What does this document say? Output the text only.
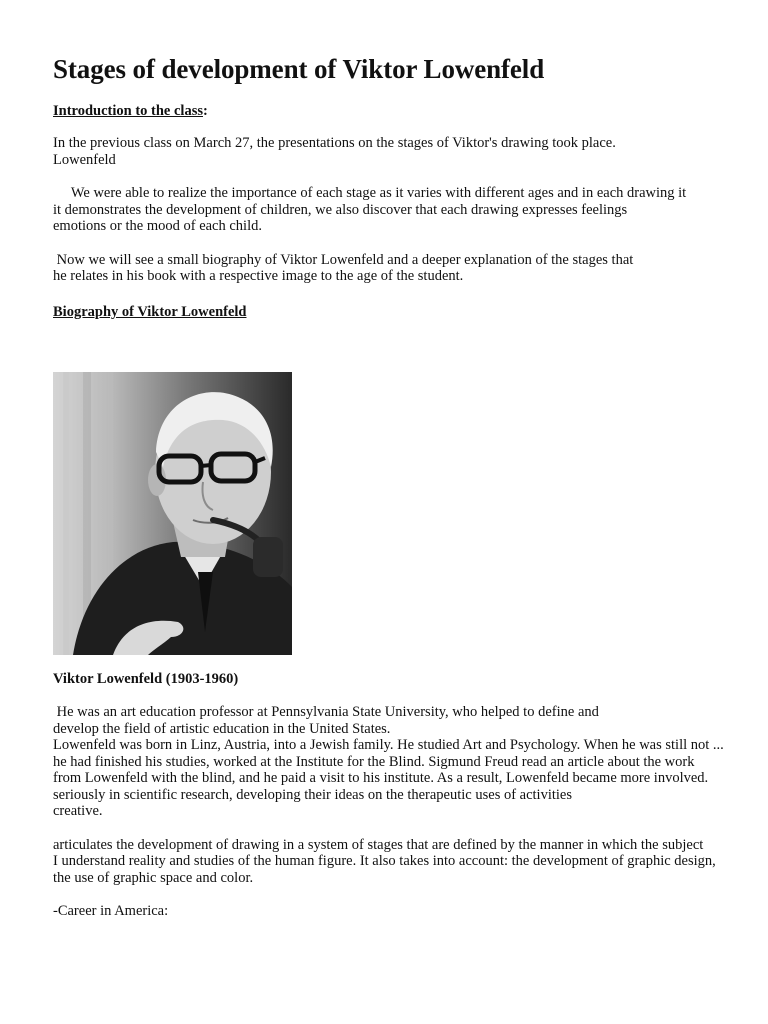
Stages of development of Viktor Lowenfeld
Introduction to the class:

In the previous class on March 27, the presentations on the stages of Viktor's drawing took place.

Lowenfeld

We were able to realize the importance of each stage as it varies with different ages and in each drawing it

it demonstrates the development of children, we also discover that each drawing expresses feelings

emotions or the mood of each child.

Now we will see a small biography of Viktor Lowenfeld and a deeper explanation of the stages that

he relates in his book with a respective image to the age of the student.

Biography of Viktor Lowenfeld
Viktor Lowenfeld (1903-1960)

He was an art education professor at Pennsylvania State University, who helped to define and

develop the field of artistic education in the United States.

Lowenfeld was born in Linz, Austria, into a Jewish family. He studied Art and Psychology. When he was still not ...

he had finished his studies, worked at the Institute for the Blind. Sigmund Freud read an article about the work

from Lowenfeld with the blind, and he paid a visit to his institute. As a result, Lowenfeld became more involved.

seriously in scientific research, developing their ideas on the therapeutic uses of activities

creative.

articulates the development of drawing in a system of stages that are defined by the manner in which the subject

I understand reality and studies of the human figure. It also takes into account: the development of graphic design,

the use of graphic space and color.

-Career in America:
